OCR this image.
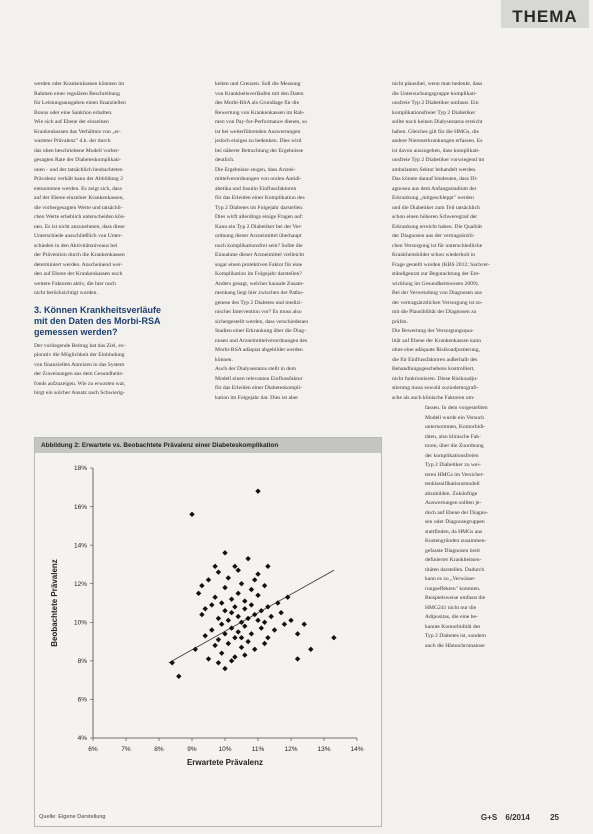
THEMA
werden oder Krankenkassen könnten im
Rahmen einer regulären Beschreibung
für Leistungsausgaben einen finanziellen
Bonus oder eine Sanktion erhalten.
Wie sich auf Ebene der einzelnen
Krankenkassen das Verhältnis von „er-
warteter Prävalenz" d.h. der durch
das oben beschriebene Modell vorher-
gesagten Rate der Diabeteskomplikati-
onen - und der tatsächlich beobachteten
Prävalenz verhält kann der Abbildung 2
entnommen werden. Es zeigt sich, dass
auf der Ebene einzelner Krankenkassen,
die vorhergesagten Werte und tatsächli-
chen Werte erheblich unterscheiden kön-
nen. Es ist nicht anzunehmen, dass diese
Unterschiede ausschließlich von Unter-
schieden in den Aktivitätsniveaus bei
der Prävention durch die Krankenkassen
determiniert werden. Anscheinend wer-
den auf Ebene der Krankenkassen noch
weitere Faktoren aktiv, die hier noch
nicht berücksichtigt wurden.
3. Können Krankheitsverläufe
mit den Daten des Morbi-RSA
gemessen werden?
Der vorliegende Beitrag hat das Ziel, ex-
plorativ die Möglichkeit der Einbindung
von finanziellen Anreizen in das System
der Zuweisungen aus dem Gesundheits-
fonds aufzuzeigen. Wie zu erwarten war,
birgt ein solcher Ansatz nach Schwierig-
keiten und Grenzen. Soll die Messung
von Krankheitsverläufen mit den Daten
des Morbi-RSA als Grundlage für die
Bewertung von Krankenkassen im Rah-
men von Pay-for-Performance dienen, so
ist bei weiterführenden Auswertungen
jedoch einiges zu bedenken. Dies wird
bei näherer Betrachtung der Ergebnisse
deutlich.
Die Ergebnisse zeigen, dass Arznei-
mittelverordnungen von oralen Antidi-
abetika und Insulin Einflussfaktoren
für das Erleiden einer Komplikation des
Typ 2 Diabetes im Folgejahr darstellen.
Dies wirft allerdings einige Fragen auf:
Kann ein Typ 2 Diabetiker bei der Ver-
ordnung dieser Arzneimittel überhaupt
noch komplikationsfrei sein? Sollte die
Einnahme dieser Arzneimittel vielleicht
sogar einen protektiven Faktor für eine
Komplikation im Folgejahr darstellen?
Anders gesagt, welcher kausale Zusam-
menhang liegt hier zwischen der Patho-
genese des Typ 2 Diabetes und medizi-
nischer Intervention vor? Es muss also
sichergestellt werden, dass verschiedenen
Stadien einer Erkrankung über die Diag-
nosen und Arzneimittelverordnungen des
Morbi-RSA adäquat abgebildet werden
können.
Auch der Dialysestatus stellt in dem
Modell einen relevanten Einflussfaktor
für das Erleiden einer Diabeteskompli-
kation im Folgejahr dar. Dies ist aber
nicht plausibel, wenn man bedenkt, dass
die Untersuchungsgruppe komplikati-
onsfreie Typ 2 Diabetiker umfasst. Ein
komplikationsfreier Typ 2 Diabetiker
sollte noch keinen Dialysestatus erreicht
haben. Gleiches gilt für die HMGs, die
andere Nierenerkrankungen erfassen. Es
ist davon auszugehen, dass komplikati-
onsfreie Typ 2 Diabetiker vorwiegend im
ambulanten Sektor behandelt werden.
Das könnte darauf hindeuten, dass Di-
agnosen aus dem Anfangsstadium der
Erkrankung „mitgeschleppt" werden
und die Diabetiker zum Teil tatsächlich
schon einen höheren Schweregrad der
Erkrankung erreicht haben. Die Qualität
der Diagnosen aus der vertragsärztli-
chen Versorgung ist für unterschiedliche
Krankheitsbilder schon wiederholt in
Frage gestellt worden (KBS 2012; Sachver-
ständigenrat zur Begutachtung der Ent-
wicklung im Gesundheitswesen 2009).
Bei der Verwendung von Diagnosen aus
der vertragsärztlichen Versorgung ist so-
mit die Plausibilität der Diagnosen zu
prüfen.
Die Bewertung der Versorgungsqua-
lität auf Ebene der Krankenkassen kann
ohne eine adäquate Risikoadjustierung,
die für Einflussfaktoren außerhalb des
Behandlungsgeschehens kontrolliert,
nicht funktionieren. Diese Risikoadju-
stierung muss sowohl soziodemografi-
sche als auch klinische Faktoren um-
fassen. In dem vorgestellten
Modell wurde ein Versuch
unternommen, Komorbidi-
täten, also klinische Fak-
toren, über die Zuordnung
der komplikationsfreien
Typ 2 Diabetiker zu wei-
teren HMGs im Versicher-
tenklassifikationsmodell
abzubilden. Zukünftige
Auswertungen sollten je-
doch auf Ebene der Diagno-
sen oder Diagnosegruppen
stattfinden, da HMGs aus
Kostengründen zusammen-
gefasste Diagnosen breit
definierter Krankheitsen-
titäten darstellen. Dadurch
kann es zu „Verwässe-
rungseffekten" kommen.
Beispielsweise umfasst die
HMG241 nicht nur die
Adipositas, die eine be-
kannte Komorbidität des
Typ 2 Diabetes ist, sondern
auch die Hämochromatose
Abbildung 2: Erwartete vs. Beobachtete Prävalenz einer Diabeteskomplikation
6%	7%	8%	9%	10%	11%	12%	13%	14%
4%
6%
8%
10%
12%
14%
16%
18%
Erwartete Prävalenz
Beobachtete Prävalenz
Quelle: Eigene Darstellung	G+S 6/2014	25
